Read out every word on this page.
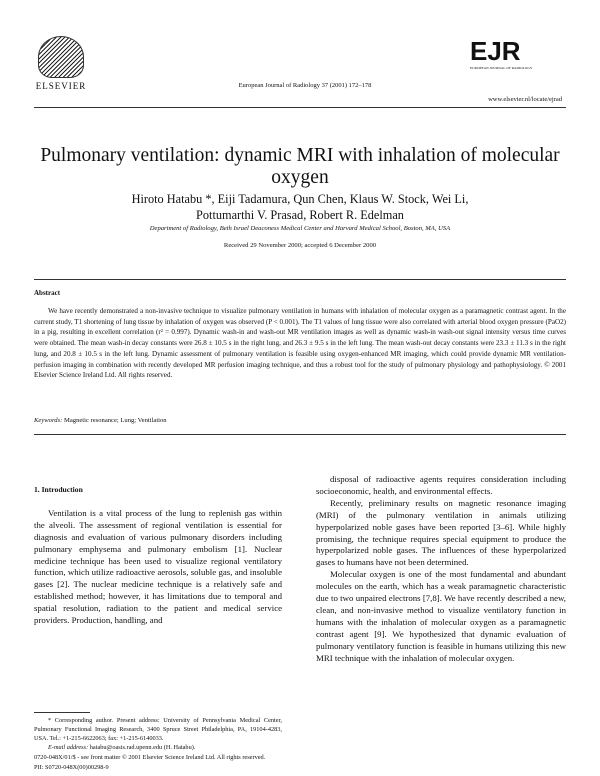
ELSEVIER	European Journal of Radiology 37 (2001) 172–178
EJR
EUROPEAN JOURNAL OF RADIOLOGY
www.elsevier.nl/locate/ejrad
Pulmonary ventilation: dynamic MRI with inhalation of molecular oxygen
Hiroto Hatabu *, Eiji Tadamura, Qun Chen, Klaus W. Stock, Wei Li,
Pottumarthi V. Prasad, Robert R. Edelman
Department of Radiology, Beth Israel Deaconess Medical Center and Harvard Medical School, Boston, MA, USA
Received 29 November 2000; accepted 6 December 2000
Abstract
We have recently demonstrated a non-invasive technique to visualize pulmonary ventilation in humans with inhalation of molecular oxygen as a paramagnetic contrast agent. In the current study, T1 shortening of lung tissue by inhalation of oxygen was observed (P < 0.001). The T1 values of lung tissue were also correlated with arterial blood oxygen pressure (PaO2) in a pig, resulting in excellent correlation (r² = 0.997). Dynamic wash-in and wash-out MR ventilation images as well as dynamic wash-in wash-out signal intensity versus time curves were obtained. The mean wash-in decay constants were 26.8 ± 10.5 s in the right lung, and 26.3 ± 9.5 s in the left lung. The mean wash-out decay constants were 23.3 ± 11.3 s in the right lung, and 20.8 ± 10.5 s in the left lung. Dynamic assessment of pulmonary ventilation is feasible using oxygen-enhanced MR imaging, which could provide dynamic MR ventilation-perfusion imaging in combination with recently developed MR perfusion imaging technique, and thus a robust tool for the study of pulmonary physiology and pathophysiology. © 2001 Elsevier Science Ireland Ltd. All rights reserved.
Keywords: Magnetic resonance; Lung; Ventilation
1. Introduction

Ventilation is a vital process of the lung to replenish gas within the alveoli. The assessment of regional ventilation is essential for diagnosis and evaluation of various pulmonary disorders including pulmonary emphysema and pulmonary embolism [1]. Nuclear medicine technique has been used to visualize regional ventilatory function, which utilize radioactive aerosols, soluble gas, and insoluble gases [2]. The nuclear medicine technique is a relatively safe and established method; however, it has limitations due to temporal and spatial resolution, radiation to the patient and medical service providers. Production, handling, and

disposal of radioactive agents requires consideration including socioeconomic, health, and environmental effects.

Recently, preliminary results on magnetic resonance imaging (MRI) of the pulmonary ventilation in animals utilizing hyperpolarized noble gases have been reported [3–6]. While highly promising, the technique requires special equipment to produce the hyperpolarized noble gases. The influences of these hyperpolarized gases to humans have not been determined.

Molecular oxygen is one of the most fundamental and abundant molecules on the earth, which has a weak paramagnetic characteristic due to two unpaired electrons [7,8]. We have recently described a new, clean, and non-invasive method to visualize ventilatory function in humans with the inhalation of molecular oxygen as a paramagnetic contrast agent [9]. We hypothesized that dynamic evaluation of pulmonary ventilatory function is feasible in humans utilizing this new MRI technique with the inhalation of molecular oxygen.

* Corresponding author. Present address: University of Pennsylvania Medical Center, Pulmonary Functional Imaging Research, 3400 Spruce Street Philadelphia, PA, 19104-4283, USA. Tel.: +1-215-6622063; fax: +1-215-6140033.
E-mail address: hatabu@oasis.rad.upenn.edu (H. Hatabu).
0720-048X/01/$ - see front matter © 2001 Elsevier Science Ireland Ltd. All rights reserved.
PII: S0720-048X(00)00298-9
